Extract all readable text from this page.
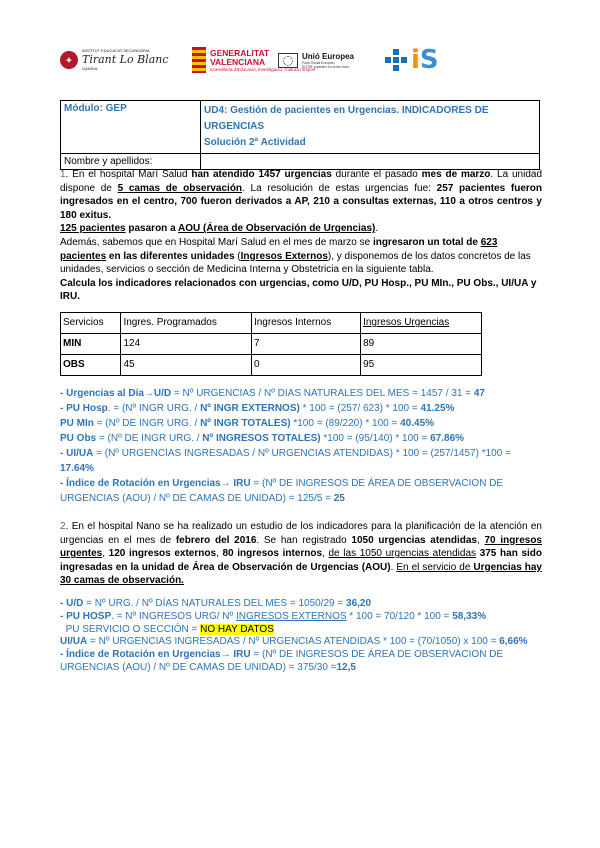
✦
INSTITUT EDUCACIÓ SECUNDÀRIA
Tirant Lo Blanc
GANDIA
GENERALITAT
VALENCIANA
Conselleria d'Educació, Investigació, Cultura i Esport
Unió Europea
Fons Social Europeu
El FSE inverteix en el teu futur iS
Módulo: GEP	UD4: Gestión de pacientes en Urgencias. INDICADORES DE URGENCIAS
Solución 2ª Actividad

Nombre y apellidos:	

1. En el hospital Marí Salud han atendido 1457 urgencias durante el pasado mes de marzo. La unidad dispone de 5 camas de observación. La resolución de estas urgencias fue: 257 pacientes fueron ingresados en el centro, 700 fueron derivados a AP, 210 a consultas externas, 110 a otros centros y 180 exitus.

125 pacientes pasaron a AOU (Área de Observación de Urgencias).

Además, sabemos que en Hospital Marí Salud en el mes de marzo se ingresaron un total de 623 pacientes en las diferentes unidades (Ingresos Externos), y disponemos de los datos concretos de las unidades, servicios o sección de Medicina Interna y Obstetricia en la siguiente tabla.

Calcula los indicadores relacionados con urgencias, como U/D, PU Hosp., PU MIn., PU Obs., UI/UA y IRU.

Servicios	Ingres. Programados	Ingresos Internos	Ingresos Urgencias
MIN	124	7	89
OBS	45	0	95

- Urgencias al Día→U/D = Nº URGENCIAS / Nº DIAS NATURALES DEL MES = 1457 / 31 = 47

- PU Hosp. = (Nº INGR URG. / Nº INGR EXTERNOS) * 100 = (257/ 623) * 100 = 41.25%

PU MIn = (Nº DE INGR URG. / Nº INGR TOTALES) *100 = (89/220) * 100 = 40.45%

PU Obs = (Nº DE INGR URG. / Nº INGRESOS TOTALES) *100 = (95/140) * 100 = 67.86%

- UI/UA = (Nº URGENCIAS INGRESADAS / Nº URGENCIAS ATENDIDAS) * 100 = (257/1457) *100 = 17.64%

- Índice de Rotación en Urgencias→ IRU = (Nº DE INGRESOS DE ÁREA DE OBSERVACION DE URGENCIAS (AOU) / Nº DE CAMAS DE UNIDAD) = 125/5 = 25

2. En el hospital Nano se ha realizado un estudio de los indicadores para la planificación de la atención en urgencias en el mes de febrero del 2016. Se han registrado 1050 urgencias atendidas, 70 ingresos urgentes, 120 ingresos externos, 80 ingresos internos, de las 1050 urgencias atendidas 375 han sido ingresadas en la unidad de Área de Observación de Urgencias (AOU). En el servicio de Urgencias hay 30 camas de observación.

- U/D = Nº URG. / Nº DÍAS NATURALES DEL MES = 1050/29 = 36,20

- PU HOSP. = Nº INGRESOS URG/ Nº INGRESOS EXTERNOS * 100 = 70/120 * 100 = 58,33%

PU SERVICIO O SECCIÓN = NO HAY DATOS

UI/UA = Nº URGENCIAS INGRESADAS / Nº URGENCIAS ATENDIDAS * 100 = (70/1050) x 100 = 6,66%

- Índice de Rotación en Urgencias→ IRU = (Nº DE INGRESOS DE ÁREA DE OBSERVACION DE URGENCIAS (AOU) / Nº DE CAMAS DE UNIDAD) = 375/30 =12,5
